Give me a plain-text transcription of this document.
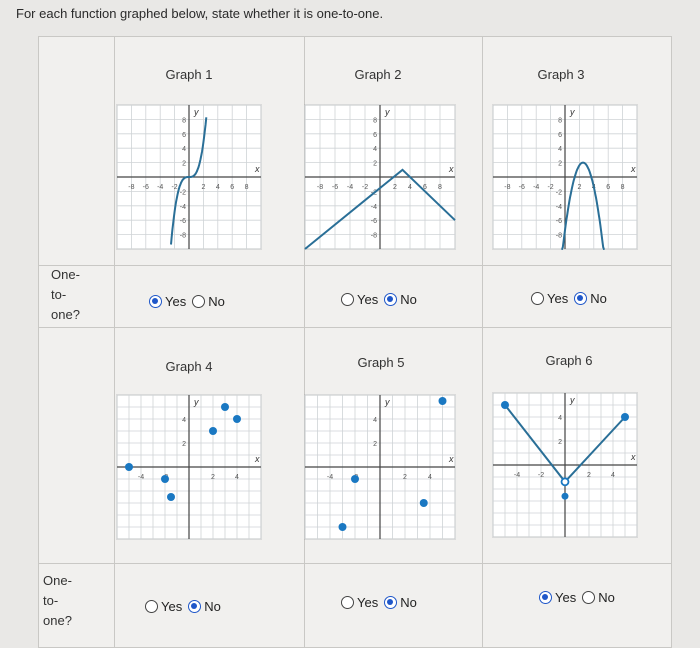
For each function graphed below, state whether it is one-to-one.
Graph 1	Graph 2	Graph 3
Graph 4	Graph 5	Graph 6
x
y
-8
-8
-6
-6
-4
-4
-2
-2
2
2
4
4
6
6
8
8
x
y
-8
-8
-6
-6
-4
-4
-2
-2
2
2
4
4
6
6
8
8
x
y
-8
-8
-6
-6
-4
-4
-2
-2
2
2
4
4
6
6
8
8
x
y
-4	2
2
4
4
x
y
-4	2
2
4
4
x
y
-4	-2	2
2
4
4
One-
to-
one?
One-
to-
one?
Yes No	Yes No	Yes No
Yes No	Yes No	Yes No
